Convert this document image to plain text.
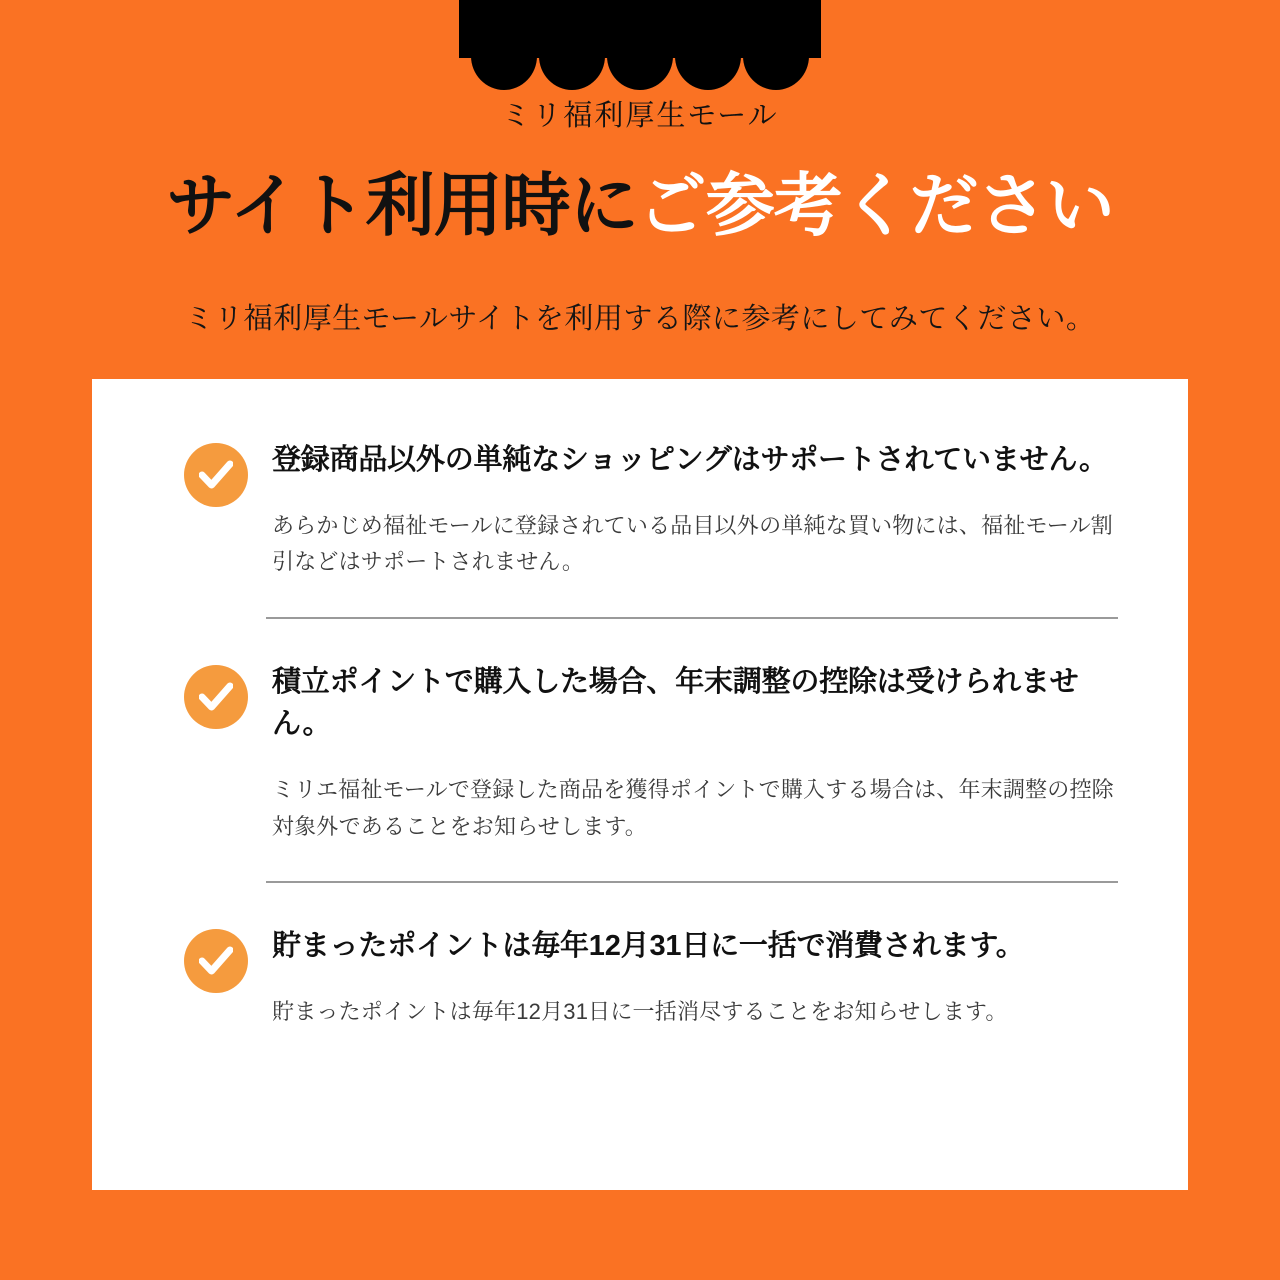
ミリ福利厚生モール
サイト利用時にご参考ください
ミリ福利厚生モールサイトを利用する際に参考にしてみてください。
登録商品以外の単純なショッピングはサポートされていません。
あらかじめ福祉モールに登録されている品目以外の単純な買い物には、福祉モール割引などはサポートされません。
積立ポイントで購入した場合、年末調整の控除は受けられません。
ミリエ福祉モールで登録した商品を獲得ポイントで購入する場合は、年末調整の控除対象外であることをお知らせします。
貯まったポイントは毎年12月31日に一括で消費されます。
貯まったポイントは毎年12月31日に一括消尽することをお知らせします。
